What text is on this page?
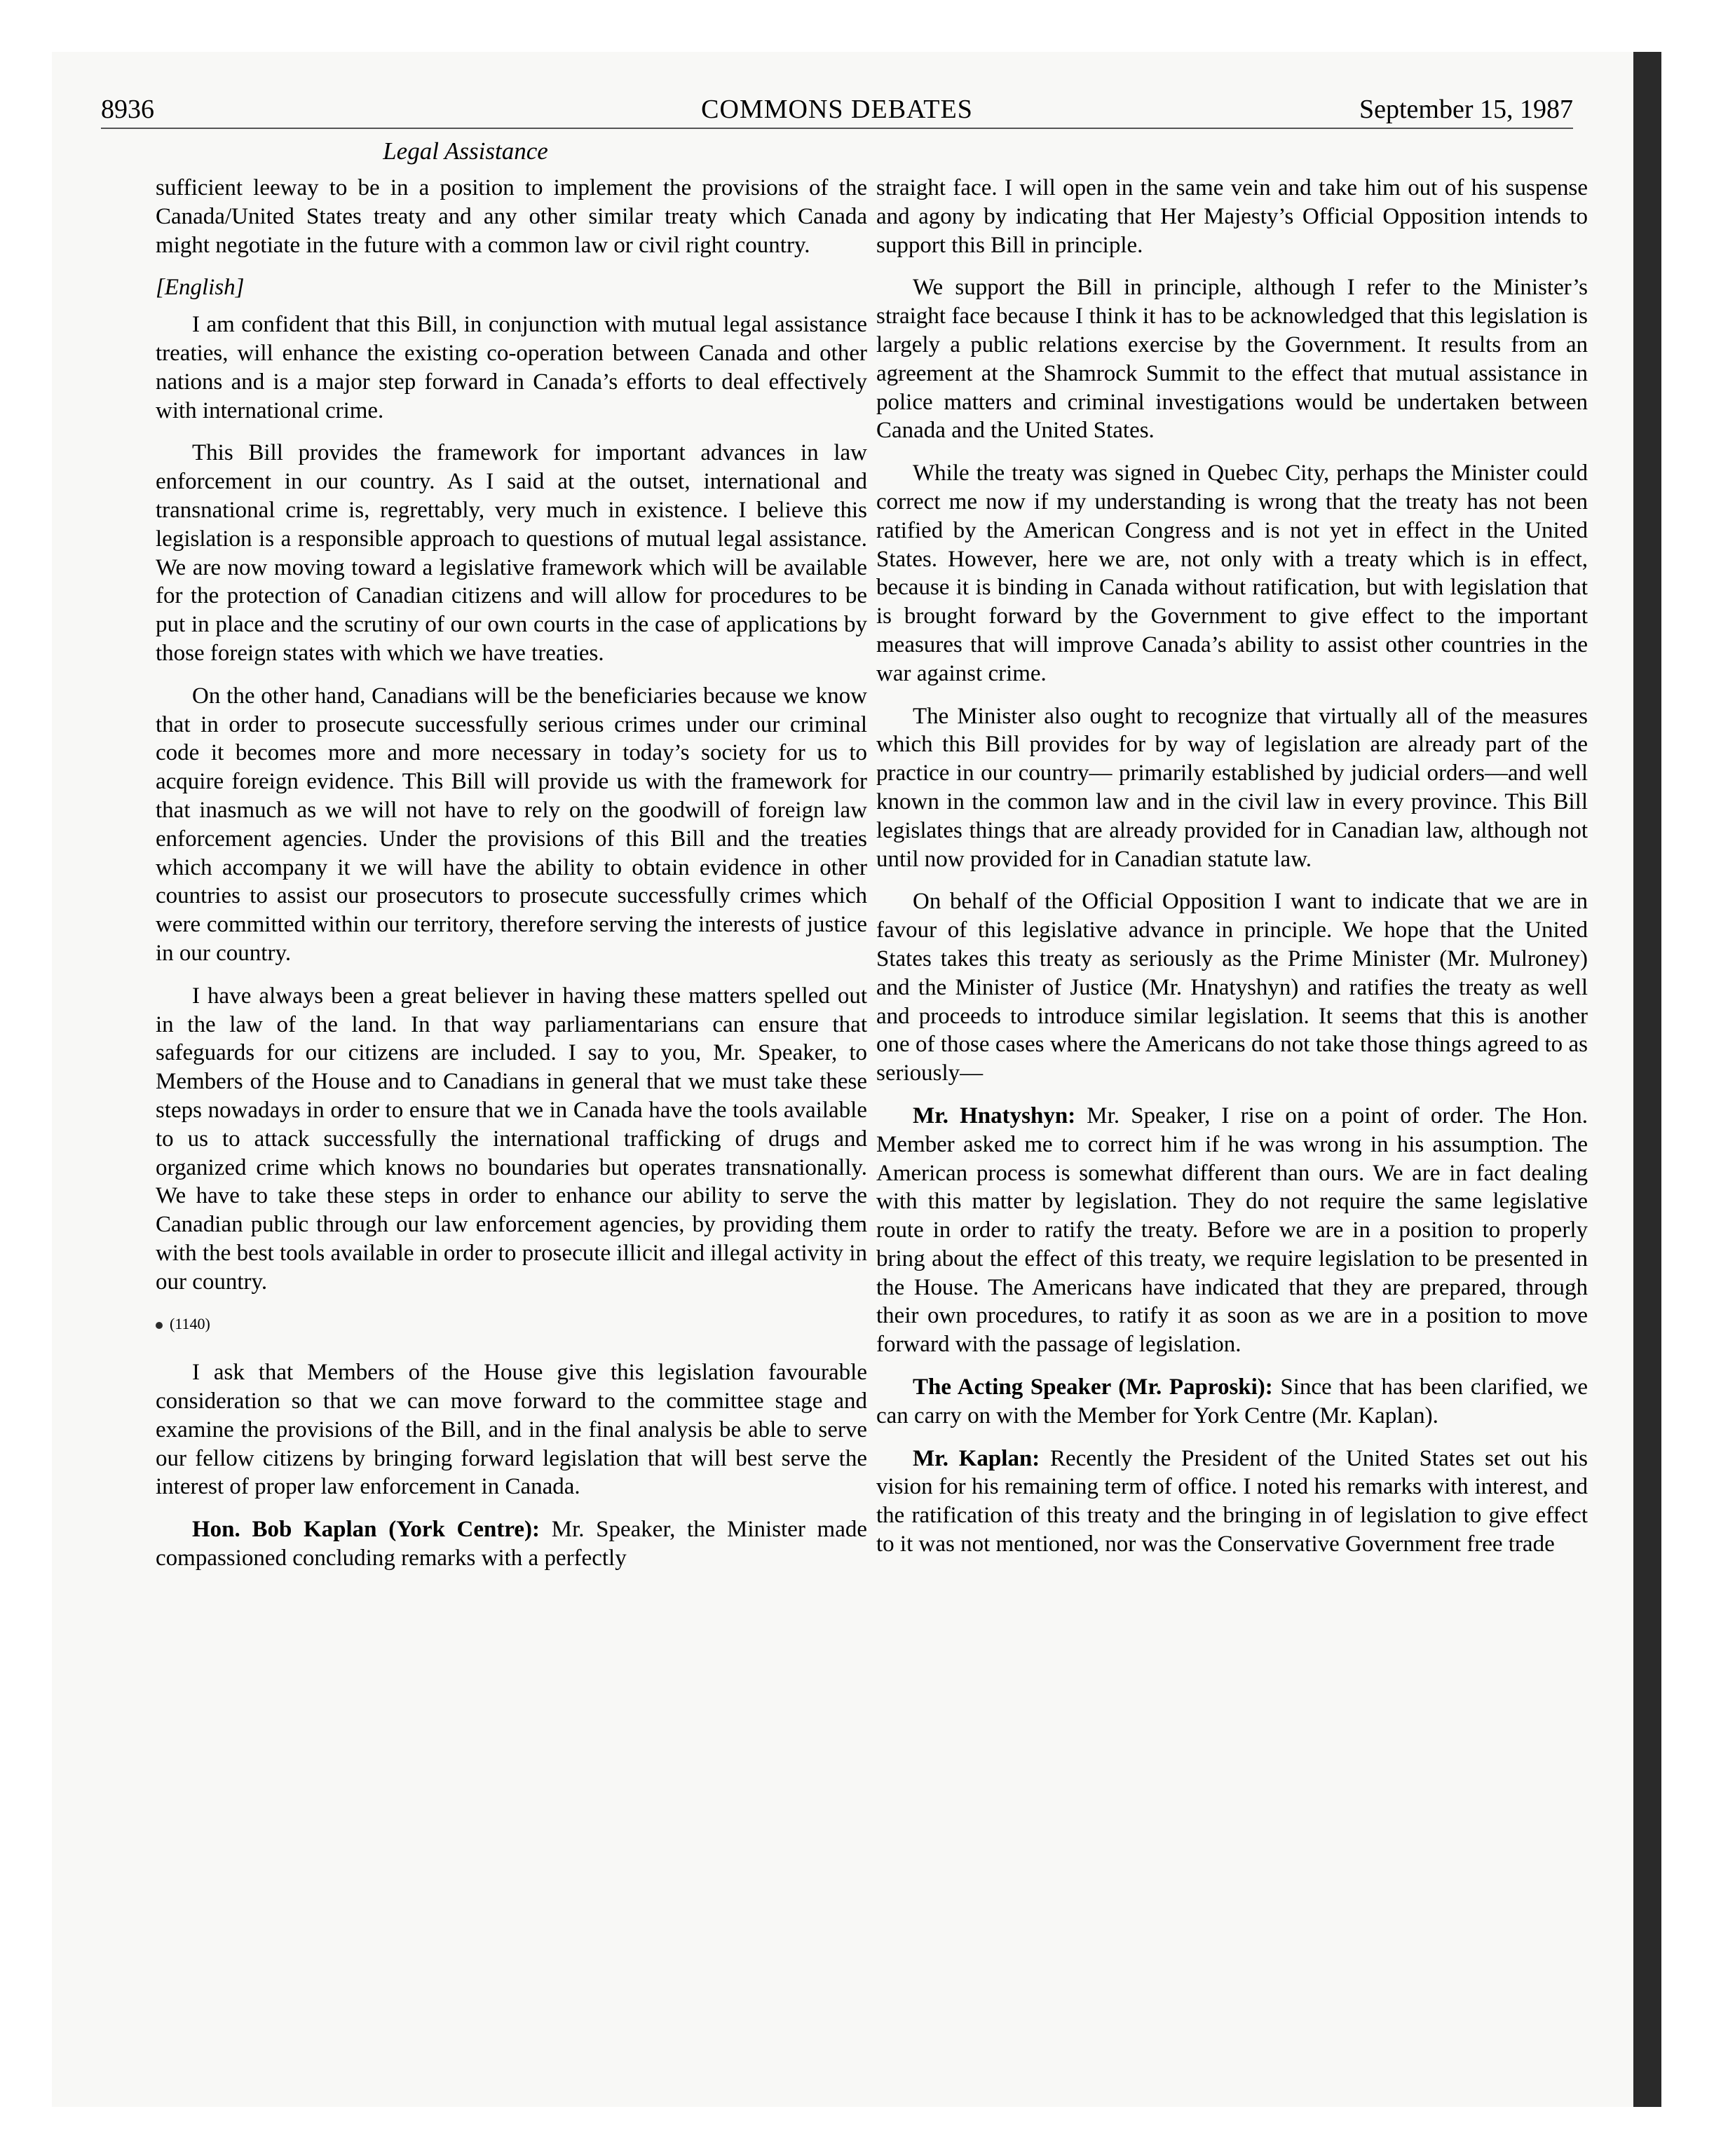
8936	COMMONS DEBATES	September 15, 1987
Legal Assistance

sufficient leeway to be in a position to implement the provisions of the Canada/United States treaty and any other similar treaty which Canada might negotiate in the future with a common law or civil right country.

[English]

I am confident that this Bill, in conjunction with mutual legal assistance treaties, will enhance the existing co-operation between Canada and other nations and is a major step forward in Canada’s efforts to deal effectively with international crime.

This Bill provides the framework for important advances in law enforcement in our country. As I said at the outset, international and transnational crime is, regrettably, very much in existence. I believe this legislation is a responsible approach to questions of mutual legal assistance. We are now moving toward a legislative framework which will be available for the protection of Canadian citizens and will allow for procedures to be put in place and the scrutiny of our own courts in the case of applications by those foreign states with which we have treaties.

On the other hand, Canadians will be the beneficiaries because we know that in order to prosecute successfully serious crimes under our criminal code it becomes more and more necessary in today’s society for us to acquire foreign evidence. This Bill will provide us with the framework for that inasmuch as we will not have to rely on the goodwill of foreign law enforcement agencies. Under the provisions of this Bill and the treaties which accompany it we will have the ability to obtain evidence in other countries to assist our prosecutors to prosecute successfully crimes which were committed within our territory, therefore serving the interests of justice in our country.

I have always been a great believer in having these matters spelled out in the law of the land. In that way parliamentarians can ensure that safeguards for our citizens are included. I say to you, Mr. Speaker, to Members of the House and to Canadians in general that we must take these steps nowadays in order to ensure that we in Canada have the tools available to us to attack successfully the international trafficking of drugs and organized crime which knows no boundaries but operates transnationally. We have to take these steps in order to enhance our ability to serve the Canadian public through our law enforcement agencies, by providing them with the best tools available in order to prosecute illicit and illegal activity in our country.

(1140)

I ask that Members of the House give this legislation favourable consideration so that we can move forward to the committee stage and examine the provisions of the Bill, and in the final analysis be able to serve our fellow citizens by bringing forward legislation that will best serve the interest of proper law enforcement in Canada.

Hon. Bob Kaplan (York Centre): Mr. Speaker, the Minister made compassioned concluding remarks with a perfectly

straight face. I will open in the same vein and take him out of his suspense and agony by indicating that Her Majesty’s Official Opposition intends to support this Bill in principle.

We support the Bill in principle, although I refer to the Minister’s straight face because I think it has to be acknowledged that this legislation is largely a public relations exercise by the Government. It results from an agreement at the Shamrock Summit to the effect that mutual assistance in police matters and criminal investigations would be undertaken between Canada and the United States.

While the treaty was signed in Quebec City, perhaps the Minister could correct me now if my understanding is wrong that the treaty has not been ratified by the American Congress and is not yet in effect in the United States. However, here we are, not only with a treaty which is in effect, because it is binding in Canada without ratification, but with legislation that is brought forward by the Government to give effect to the important measures that will improve Canada’s ability to assist other countries in the war against crime.

The Minister also ought to recognize that virtually all of the measures which this Bill provides for by way of legislation are already part of the practice in our country— primarily established by judicial orders—and well known in the common law and in the civil law in every province. This Bill legislates things that are already provided for in Canadian law, although not until now provided for in Canadian statute law.

On behalf of the Official Opposition I want to indicate that we are in favour of this legislative advance in principle. We hope that the United States takes this treaty as seriously as the Prime Minister (Mr. Mulroney) and the Minister of Justice (Mr. Hnatyshyn) and ratifies the treaty as well and proceeds to introduce similar legislation. It seems that this is another one of those cases where the Americans do not take those things agreed to as seriously—

Mr. Hnatyshyn: Mr. Speaker, I rise on a point of order. The Hon. Member asked me to correct him if he was wrong in his assumption. The American process is somewhat different than ours. We are in fact dealing with this matter by legislation. They do not require the same legislative route in order to ratify the treaty. Before we are in a position to properly bring about the effect of this treaty, we require legislation to be presented in the House. The Americans have indicated that they are prepared, through their own procedures, to ratify it as soon as we are in a position to move forward with the passage of legislation.

The Acting Speaker (Mr. Paproski): Since that has been clarified, we can carry on with the Member for York Centre (Mr. Kaplan).

Mr. Kaplan: Recently the President of the United States set out his vision for his remaining term of office. I noted his remarks with interest, and the ratification of this treaty and the bringing in of legislation to give effect to it was not mentioned, nor was the Conservative Government free trade
